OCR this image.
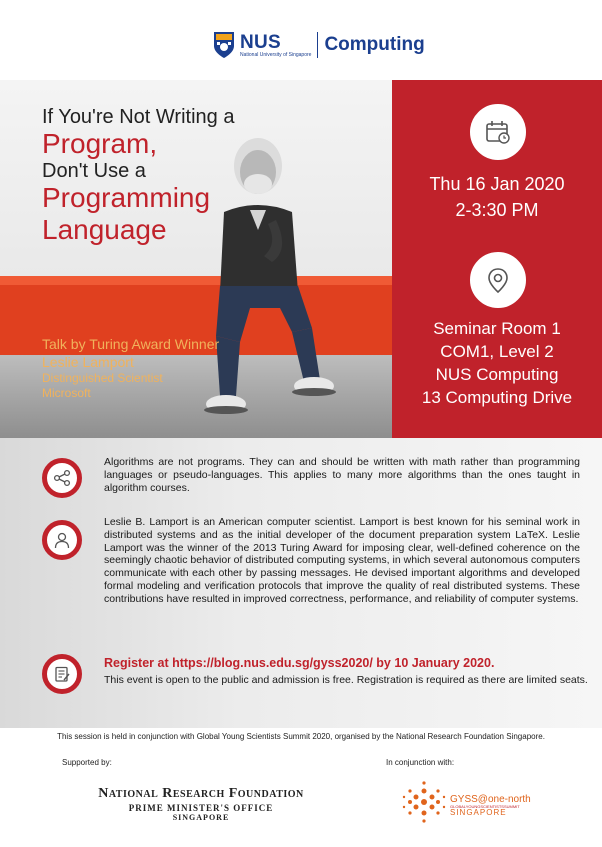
NUS
National University of Singapore Computing
If You're Not Writing a
Program,
Don't Use a
Programming
Language
Talk by Turing Award Winner
Leslie Lamport
Distinguished Scientist
Microsoft
Thu 16 Jan 2020
2-3:30 PM
Seminar Room 1
COM1, Level 2
NUS Computing
13 Computing Drive
Algorithms are not programs. They can and should be written with math rather than programming languages or pseudo-languages. This applies to many more algorithms than the ones taught in algorithm courses.
Leslie B. Lamport is an American computer scientist. Lamport is best known for his seminal work in distributed systems and as the initial developer of the document preparation system LaTeX. Leslie Lamport was the winner of the 2013 Turing Award for imposing clear, well-defined coherence on the seemingly chaotic behavior of distributed computing systems, in which several autonomous computers communicate with each other by passing messages. He devised important algorithms and developed formal modeling and verification protocols that improve the quality of real distributed systems. These contributions have resulted in improved correctness, performance, and reliability of computer systems.
Register at https://blog.nus.edu.sg/gyss2020/ by 10 January 2020.
This event is open to the public and admission is free. Registration is required as there are limited seats.
This session is held in conjunction with Global Young Scientists Summit 2020, organised by the National Research Foundation Singapore.
Supported by:	In conjunction with:
National Research Foundation
PRIME MINISTER'S OFFICE
SINGAPORE
GYSS@one-north
GLOBALYOUNGSCIENTISTSSUMMIT
SINGAPORE
